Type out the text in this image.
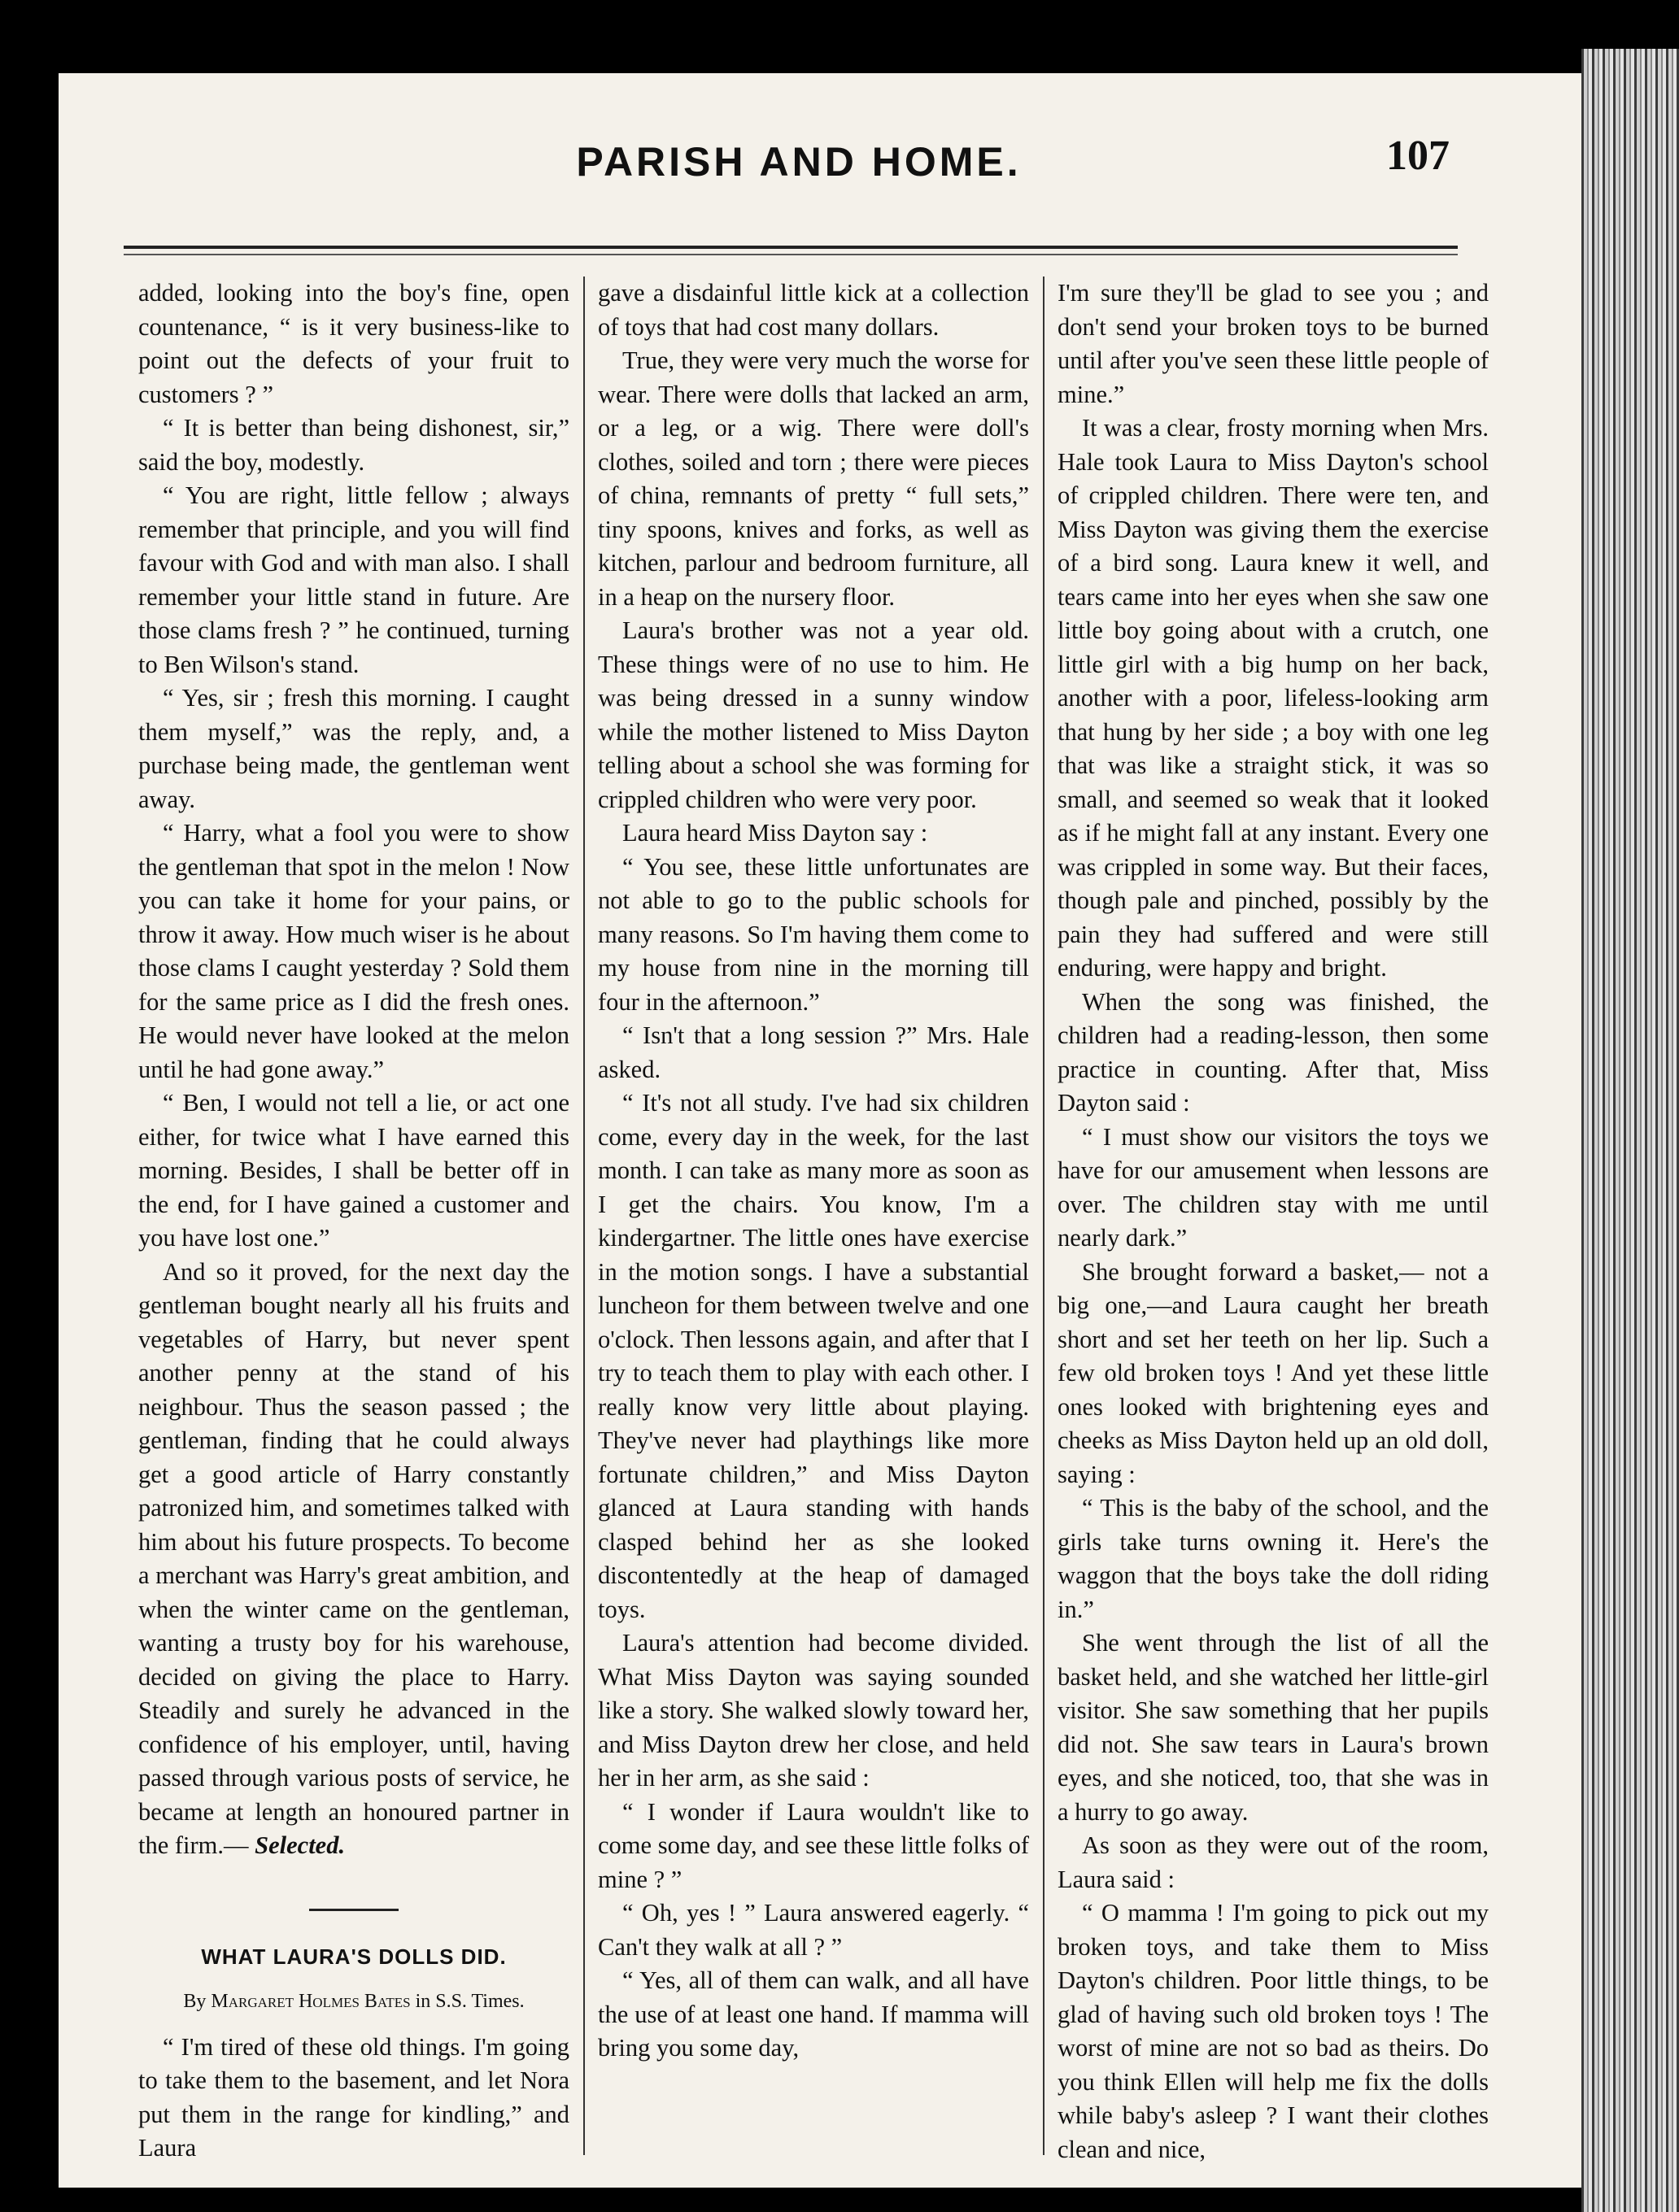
PARISH AND HOME.	107

added, looking into the boy's fine, open countenance, “ is it very business-like to point out the defects of your fruit to customers ? ”

“ It is better than being dishonest, sir,” said the boy, modestly.

“ You are right, little fellow ; always remember that principle, and you will find favour with God and with man also. I shall remember your little stand in future. Are those clams fresh ? ” he continued, turning to Ben Wilson's stand.

“ Yes, sir ; fresh this morning. I caught them myself,” was the reply, and, a purchase being made, the gentleman went away.

“ Harry, what a fool you were to show the gentleman that spot in the melon ! Now you can take it home for your pains, or throw it away. How much wiser is he about those clams I caught yesterday ? Sold them for the same price as I did the fresh ones. He would never have looked at the melon until he had gone away.”

“ Ben, I would not tell a lie, or act one either, for twice what I have earned this morning. Besides, I shall be better off in the end, for I have gained a customer and you have lost one.”

And so it proved, for the next day the gentleman bought nearly all his fruits and vegetables of Harry, but never spent another penny at the stand of his neighbour. Thus the season passed ; the gentleman, finding that he could always get a good article of Harry constantly patronized him, and sometimes talked with him about his future prospects. To become a merchant was Harry's great ambition, and when the winter came on the gentleman, wanting a trusty boy for his warehouse, decided on giving the place to Harry. Steadily and surely he advanced in the confidence of his employer, until, having passed through various posts of service, he became at length an honoured partner in the firm.— Selected.

WHAT LAURA'S DOLLS DID.
By Margaret Holmes Bates in S.S. Times.

“ I'm tired of these old things. I'm going to take them to the basement, and let Nora put them in the range for kindling,” and Laura

gave a disdainful little kick at a collection of toys that had cost many dollars.

True, they were very much the worse for wear. There were dolls that lacked an arm, or a leg, or a wig. There were doll's clothes, soiled and torn ; there were pieces of china, remnants of pretty “ full sets,” tiny spoons, knives and forks, as well as kitchen, parlour and bedroom furniture, all in a heap on the nursery floor.

Laura's brother was not a year old. These things were of no use to him. He was being dressed in a sunny window while the mother listened to Miss Dayton telling about a school she was forming for crippled children who were very poor.

Laura heard Miss Dayton say :

“ You see, these little unfortunates are not able to go to the public schools for many reasons. So I'm having them come to my house from nine in the morning till four in the afternoon.”

“ Isn't that a long session ?” Mrs. Hale asked.

“ It's not all study. I've had six children come, every day in the week, for the last month. I can take as many more as soon as I get the chairs. You know, I'm a kindergartner. The little ones have exercise in the motion songs. I have a substantial luncheon for them between twelve and one o'clock. Then lessons again, and after that I try to teach them to play with each other. I really know very little about playing. They've never had playthings like more fortunate children,” and Miss Dayton glanced at Laura standing with hands clasped behind her as she looked discontentedly at the heap of damaged toys.

Laura's attention had become divided. What Miss Dayton was saying sounded like a story. She walked slowly toward her, and Miss Dayton drew her close, and held her in her arm, as she said :

“ I wonder if Laura wouldn't like to come some day, and see these little folks of mine ? ”

“ Oh, yes ! ” Laura answered eagerly. “ Can't they walk at all ? ”

“ Yes, all of them can walk, and all have the use of at least one hand. If mamma will bring you some day,

I'm sure they'll be glad to see you ; and don't send your broken toys to be burned until after you've seen these little people of mine.”

It was a clear, frosty morning when Mrs. Hale took Laura to Miss Dayton's school of crippled children. There were ten, and Miss Dayton was giving them the exercise of a bird song. Laura knew it well, and tears came into her eyes when she saw one little boy going about with a crutch, one little girl with a big hump on her back, another with a poor, lifeless-looking arm that hung by her side ; a boy with one leg that was like a straight stick, it was so small, and seemed so weak that it looked as if he might fall at any instant. Every one was crippled in some way. But their faces, though pale and pinched, possibly by the pain they had suffered and were still enduring, were happy and bright.

When the song was finished, the children had a reading-lesson, then some practice in counting. After that, Miss Dayton said :

“ I must show our visitors the toys we have for our amusement when lessons are over. The children stay with me until nearly dark.”

She brought forward a basket,— not a big one,—and Laura caught her breath short and set her teeth on her lip. Such a few old broken toys ! And yet these little ones looked with brightening eyes and cheeks as Miss Dayton held up an old doll, saying :

“ This is the baby of the school, and the girls take turns owning it. Here's the waggon that the boys take the doll riding in.”

She went through the list of all the basket held, and she watched her little-girl visitor. She saw something that her pupils did not. She saw tears in Laura's brown eyes, and she noticed, too, that she was in a hurry to go away.

As soon as they were out of the room, Laura said :

“ O mamma ! I'm going to pick out my broken toys, and take them to Miss Dayton's children. Poor little things, to be glad of having such old broken toys ! The worst of mine are not so bad as theirs. Do you think Ellen will help me fix the dolls while baby's asleep ? I want their clothes clean and nice,
